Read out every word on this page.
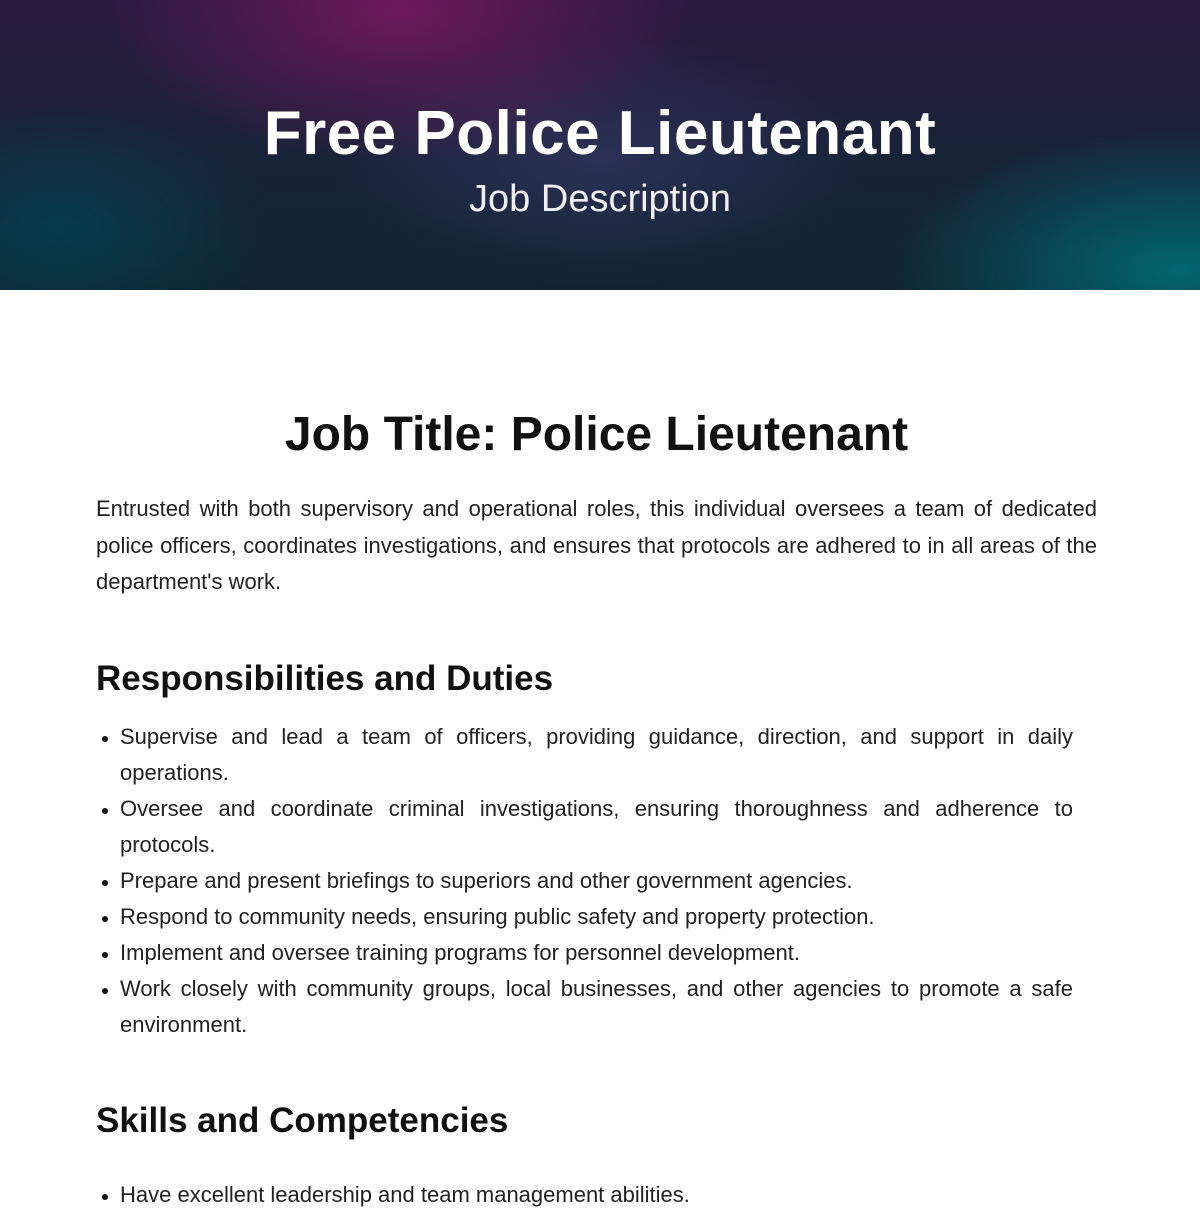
Free Police Lieutenant
Job Description
Job Title: Police Lieutenant

Entrusted with both supervisory and operational roles, this individual oversees a team of dedicated police officers, coordinates investigations, and ensures that protocols are adhered to in all areas of the department's work.

Responsibilities and Duties
Supervise and lead a team of officers, providing guidance, direction, and support in daily operations.
Oversee and coordinate criminal investigations, ensuring thoroughness and adherence to protocols.
Prepare and present briefings to superiors and other government agencies.
Respond to community needs, ensuring public safety and property protection.
Implement and oversee training programs for personnel development.
Work closely with community groups, local businesses, and other agencies to promote a safe environment.
Skills and Competencies
Have excellent leadership and team management abilities.
